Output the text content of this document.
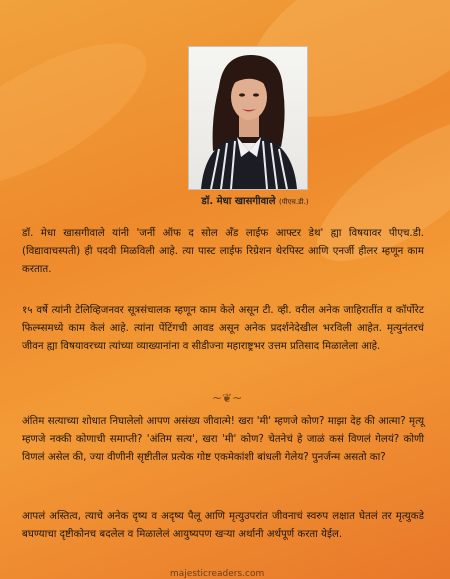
डॉ. मेधा खासगीवाले (पीएच.डी.)

डॉ. मेधा खासगीवाले यांनी 'जर्नी ऑफ द सोल अँड लाईफ आफ्टर डेथ' ह्या विषयावर पीएच.डी. (विद्यावाचस्पती) ही पदवी मिळविली आहे. त्या पास्ट लाईफ रिग्रेशन थेरपिस्ट आणि एनर्जी हीलर म्हणून काम करतात.

१५ वर्षे त्यांनी टेलिव्हिजनवर सूत्रसंचालक म्हणून काम केले असून टी. व्ही. वरील अनेक जाहिरातींत व कॉर्पोरेट फिल्म्समध्ये काम केलं आहे. त्यांना पेंटिंगची आवड असून अनेक प्रदर्शनेदेखील भरविली आहेत. मृत्युनंतरचं जीवन ह्या विषयावरच्या त्यांच्या व्याख्यानांना व सीडीज्ना महाराष्ट्रभर उत्तम प्रतिसाद मिळालेला आहे.

~❦~

अंतिम सत्याच्या शोधात निघालेलो आपण असंख्य जीवात्मे! खरा 'मी' म्हणजे कोण? माझा देह की आत्मा? मृत्यू म्हणजे नक्की कोणाची समाप्ती? 'अंतिम सत्य', खरा 'मी' कोण? चेतनेचं हे जाळं कसं विणलं गेलयं? कोणी विणलं असेल की, ज्या वीणीनी सृष्टीतील प्रत्येक गोष्ट एकमेकांशी बांधली गेलेय? पुनर्जन्म असतो का?

आपलं अस्तित्व, त्याचे अनेक दृष्य व अदृष्य पैलू आणि मृत्युउपरांत जीवनाचं स्वरुप लक्षात घेतलं तर मृत्युकडे बघण्याचा दृष्टीकोनच बदलेल व मिळालेलं आयुष्यपण खऱ्या अर्थानी अर्थपूर्ण करता येईल.

majesticreaders.com
